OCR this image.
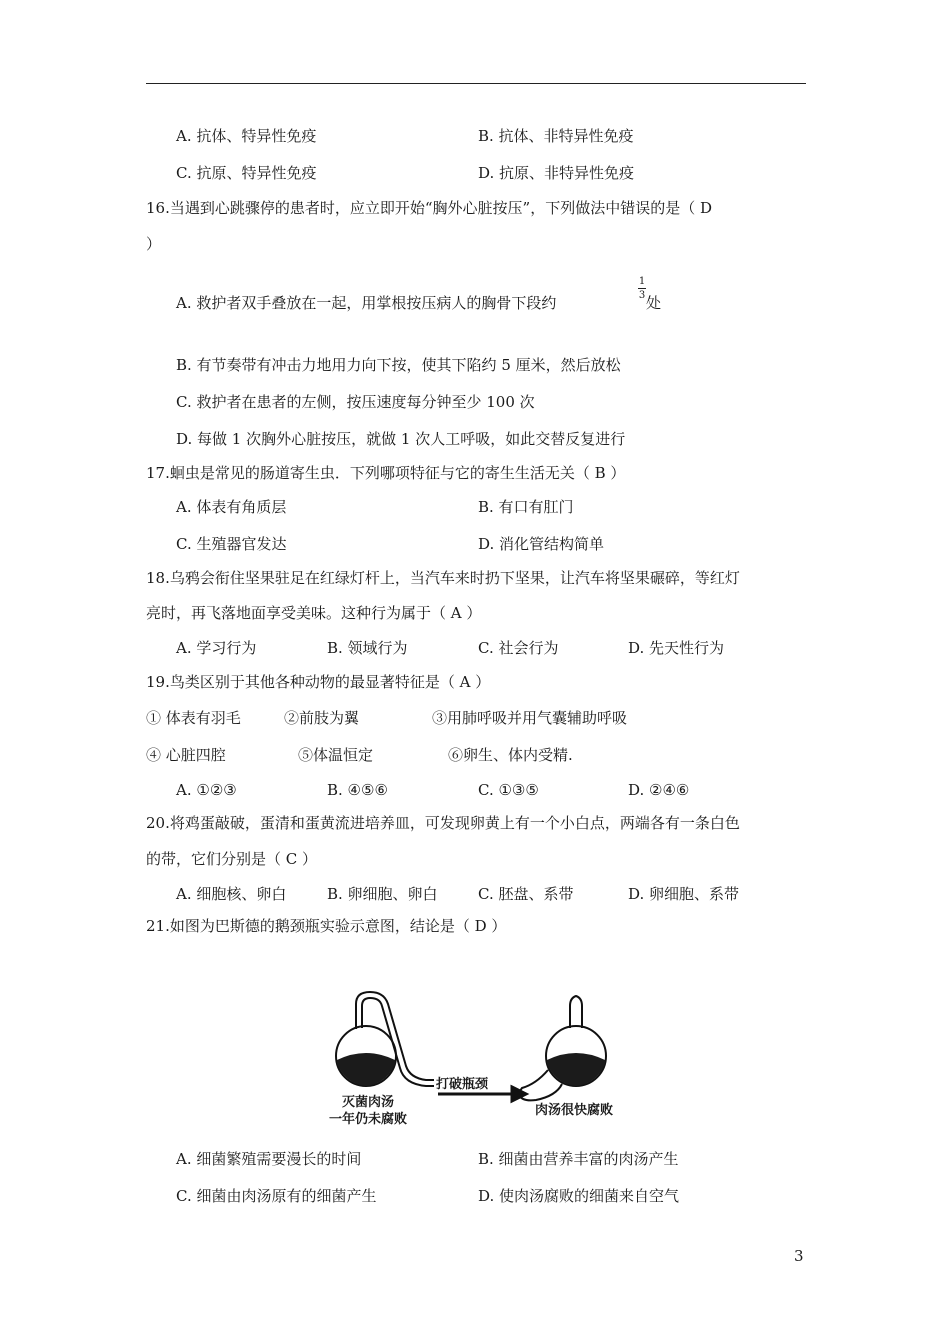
A. 抗体、特异性免疫	B. 抗体、非特异性免疫
C. 抗原、特异性免疫	D. 抗原、非特异性免疫
16.当遇到心跳骤停的患者时，应立即开始“胸外心脏按压”，下列做法中错误的是（ D
）
A. 救护者双手叠放在一起，用掌根按压病人的胸骨下段约
1
3 处
B. 有节奏带有冲击力地用力向下按，使其下陷约 5 厘米，然后放松
C. 救护者在患者的左侧，按压速度每分钟至少 100 次
D. 每做 1 次胸外心脏按压，就做 1 次人工呼吸，如此交替反复进行
17.蛔虫是常见的肠道寄生虫．下列哪项特征与它的寄生生活无关（ B ）
A. 体表有角质层	B. 有口有肛门
C. 生殖器官发达	D. 消化管结构简单
18.乌鸦会衔住坚果驻足在红绿灯杆上，当汽车来时扔下坚果，让汽车将坚果碾碎，等红灯
亮时，再飞落地面享受美味。这种行为属于（ A ）
A. 学习行为	B. 领域行为	C. 社会行为	D. 先天性行为
19.鸟类区别于其他各种动物的最显著特征是（ A ）
① 体表有羽毛	②前肢为翼	③用肺呼吸并用气囊辅助呼吸
④ 心脏四腔	⑤体温恒定	⑥卵生、体内受精.
A. ①②③	B. ④⑤⑥	C. ①③⑤	D. ②④⑥
20.将鸡蛋敲破，蛋清和蛋黄流进培养皿，可发现卵黄上有一个小白点，两端各有一条白色
的带，它们分别是（ C ）
A. 细胞核、卵白	B. 卵细胞、卵白	C. 胚盘、系带	D. 卵细胞、系带
21.如图为巴斯德的鹅颈瓶实验示意图，结论是（ D ）
打破瓶颈
灭菌肉汤
一年仍未腐败
肉汤很快腐败
A. 细菌繁殖需要漫长的时间	B. 细菌由营养丰富的肉汤产生
C. 细菌由肉汤原有的细菌产生	D. 使肉汤腐败的细菌来自空气
3
